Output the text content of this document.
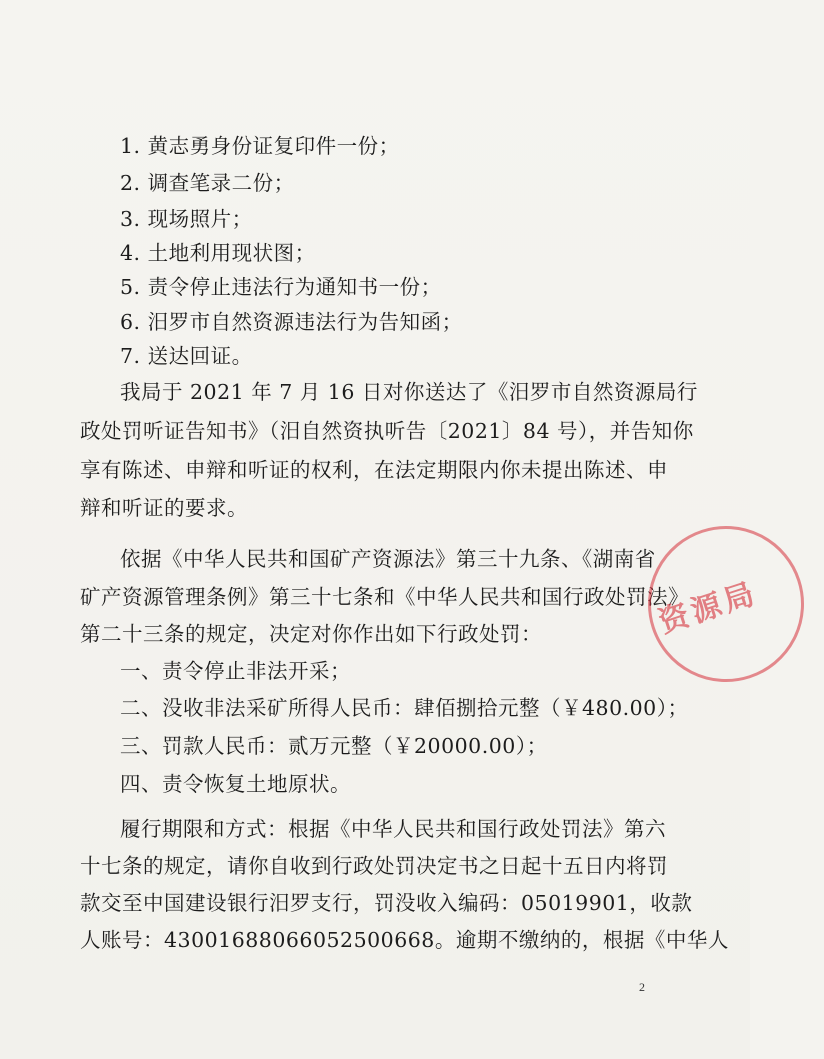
1. 黄志勇身份证复印件一份；
2. 调查笔录二份；
3. 现场照片；
4. 土地利用现状图；
5. 责令停止违法行为通知书一份；
6. 汨罗市自然资源违法行为告知函；
7. 送达回证。
我局于 2021 年 7 月 16 日对你送达了《汨罗市自然资源局行
政处罚听证告知书》（汨自然资执听告〔2021〕84 号），并告知你
享有陈述、申辩和听证的权利，在法定期限内你未提出陈述、申
辩和听证的要求。
依据《中华人民共和国矿产资源法》第三十九条、《湖南省
矿产资源管理条例》第三十七条和《中华人民共和国行政处罚法》
第二十三条的规定，决定对你作出如下行政处罚：
一、责令停止非法开采；
二、没收非法采矿所得人民币：肆佰捌拾元整（￥480.00）；
三、罚款人民币：贰万元整（￥20000.00）；
四、责令恢复土地原状。
履行期限和方式：根据《中华人民共和国行政处罚法》第六
十七条的规定，请你自收到行政处罚决定书之日起十五日内将罚
款交至中国建设银行汨罗支行，罚没收入编码：05019901，收款
人账号：43001688066052500668。逾期不缴纳的，根据《中华人
资源局
2
